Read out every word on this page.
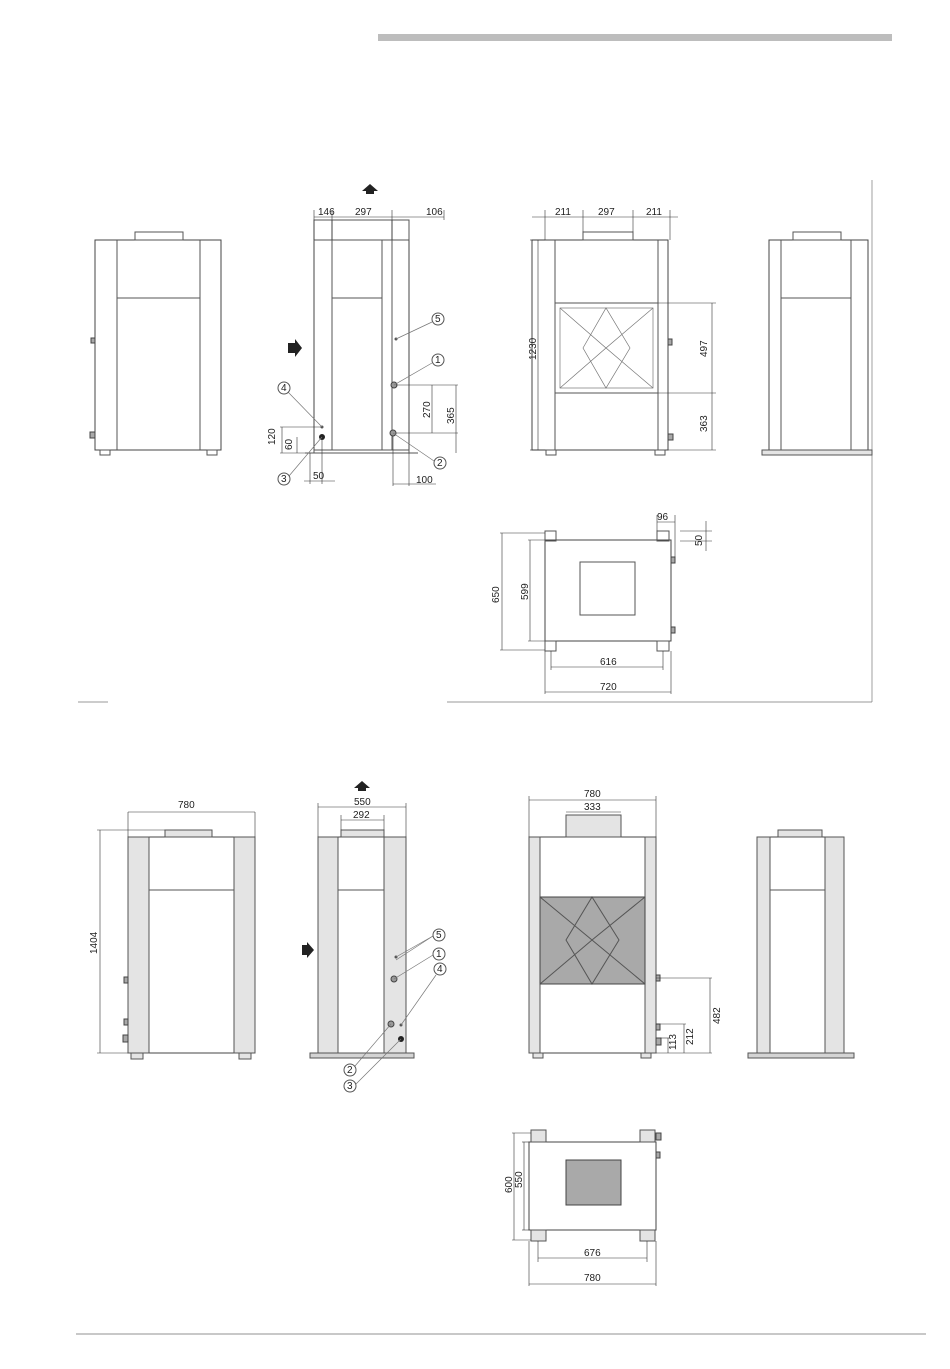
146 297	106
270 365
120 60
50	100
5
1
4
2
3
211	297	211
1230	497
363
650 599
616
720
96
50
780
1404
550
292
5
1
4
2
3
780
333
482
212
113
600 550
676
780
